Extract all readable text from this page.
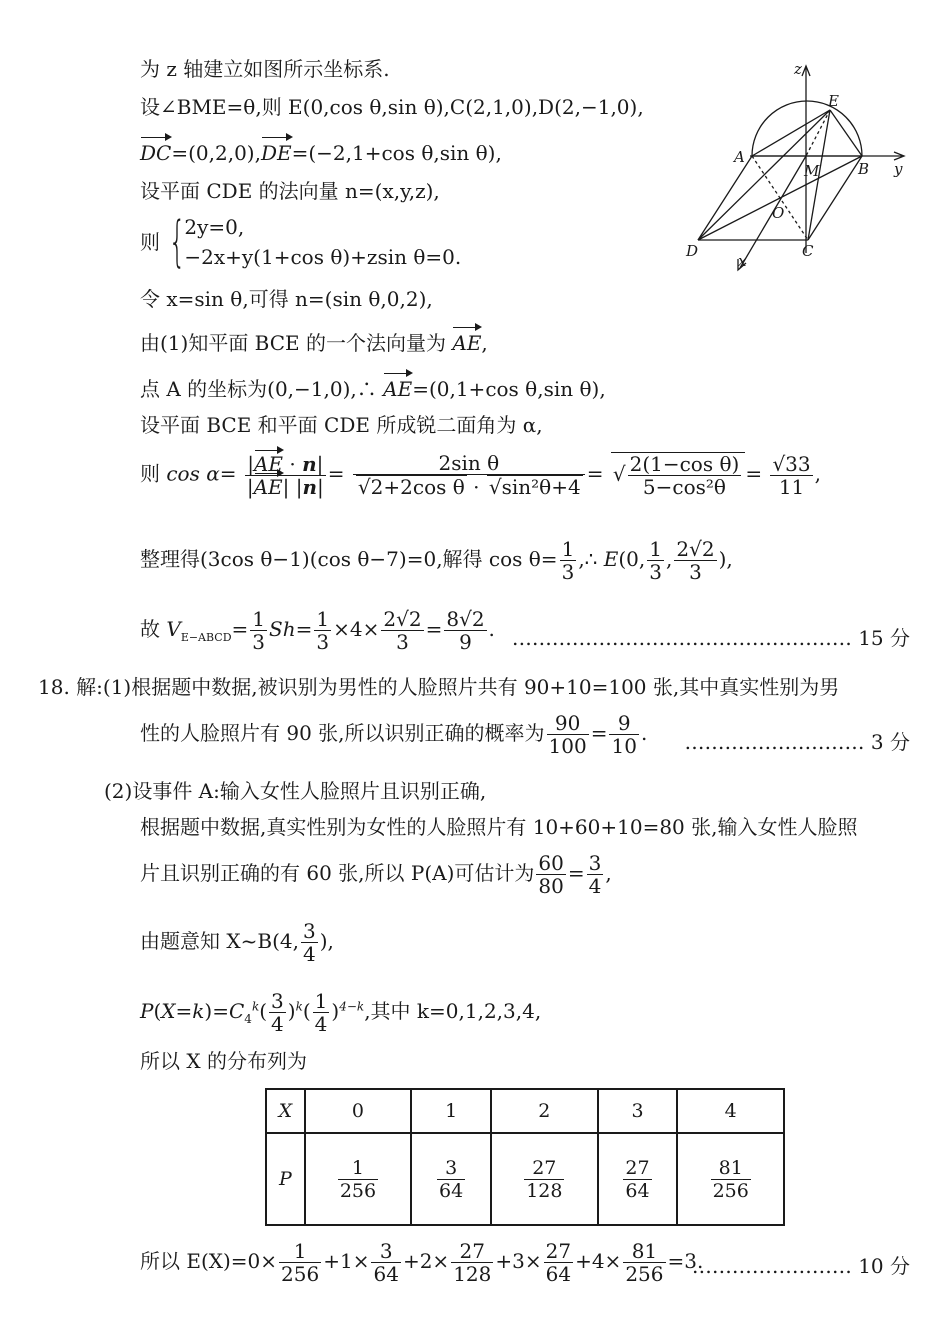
z
E
A
M	B y
O
D	C
x
为 z 轴建立如图所示坐标系.
设∠BME=θ,则 E(0,cos θ,sin θ),C(2,1,0),D(2,−1,0),
DC=(0,2,0),DE=(−2,1+cos θ,sin θ),
设平面 CDE 的法向量 n=(x,y,z),
则 {
2y=0,
−2x+y(1+cos θ)+zsin θ=0.
令 x=sin θ,可得 n=(sin θ,0,2),
由(1)知平面 BCE 的一个法向量为 AE,
点 A 的坐标为(0,−1,0),∴ AE=(0,1+cos θ,sin θ),
设平面 BCE 和平面 CDE 所成锐二面角为 α,
则 $\cos \alpha= \frac{|AE \cdot n|}{|AE| |n|} = 2\sin$ θ
√ 2+2cos θ · √ sin²θ+4 = √ $\frac{\text{2(1−cos θ)}}{\text{5−cos²θ}} = \frac{√33}{11}$ ,
整理得(3cos θ−1)(cos θ−7)=0,解得 $\cos \theta= \frac{1}{3}$ ,∴ E(0, $\frac{1}{3}$ , $\frac{2√2}{3}$ ),
故 $V_{E-ABCD}= \frac{1}{3} Sh= \frac{1}{3} \times 4\times \frac{2√2}{3} = \frac{8√2}{9}$ . …………………………………………… 15 分
18. 解:(1)根据题中数据,被识别为男性的人脸照片共有 90+10=100 张,其中真实性别为男
性的人脸照片有 90 张,所以识别正确的概率为 $\frac{90}{100} = \frac{9}{10}$ . ……………………… 3 分
(2)设事件 A:输入女性人脸照片且识别正确,
根据题中数据,真实性别为女性的人脸照片有 10+60+10=80 张,输入女性人脸照
片且识别正确的有 60 张,所以 P(A)可估计为 $\frac{60}{80} = \frac{3}{4}$ ,
由题意知 X~B(4, $\frac{3}{4}$ ),
$P(X=k)=C_4^k( \frac{3}{4} )^k( \frac{1}{4} )^{4-k}$,其中 k=0,1,2,3,4,
所以 X 的分布列为
X	0	1	2	3	4
P	$\frac{1}{256}$	$\frac{3}{64}$	$\frac{27}{128}$	$\frac{27}{64}$	$\frac{81}{256}$
所以 $E(X)=0\times \frac{1}{256} +1\times \frac{3}{64} +2\times \frac{27}{128} +3\times \frac{27}{64} +4\times \frac{81}{256} =3$.
…………………… 10 分
